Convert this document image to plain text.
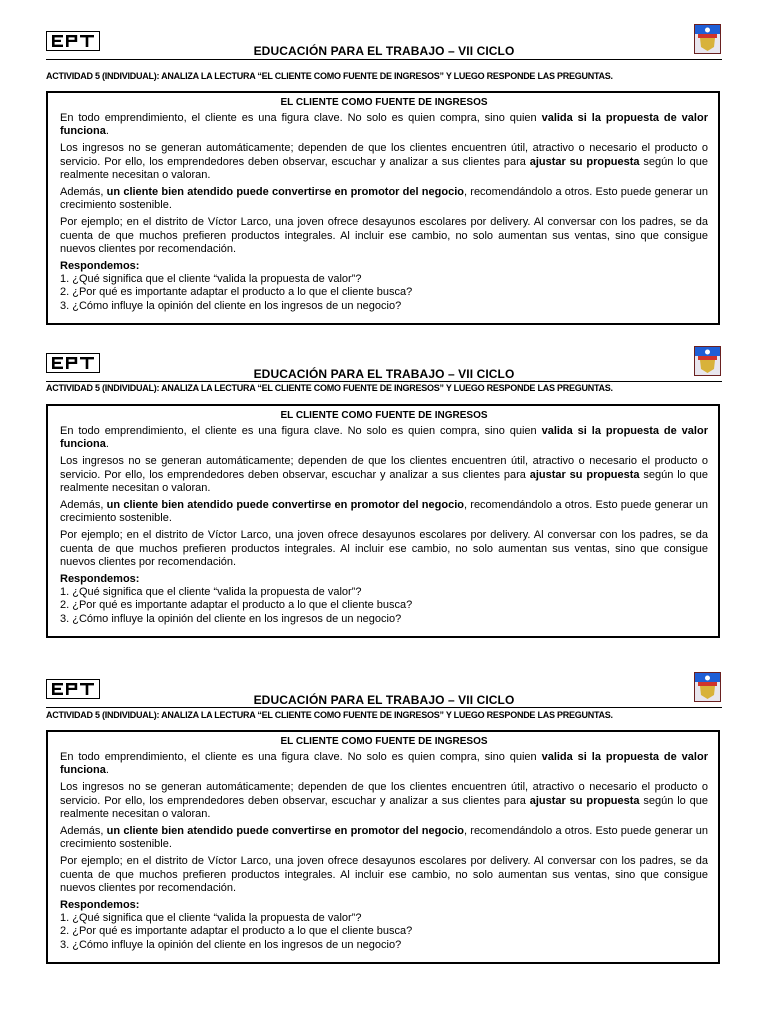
EDUCACIÓN PARA EL TRABAJO – VII CICLO
ACTIVIDAD 5 (INDIVIDUAL): ANALIZA LA LECTURA “EL CLIENTE COMO FUENTE DE INGRESOS” Y LUEGO RESPONDE LAS PREGUNTAS.
EL CLIENTE COMO FUENTE DE INGRESOS

En todo emprendimiento, el cliente es una figura clave. No solo es quien compra, sino quien valida si la propuesta de valor funciona.

Los ingresos no se generan automáticamente; dependen de que los clientes encuentren útil, atractivo o necesario el producto o servicio. Por ello, los emprendedores deben observar, escuchar y analizar a sus clientes para ajustar su propuesta según lo que realmente necesitan o valoran.

Además, un cliente bien atendido puede convertirse en promotor del negocio, recomendándolo a otros. Esto puede generar un crecimiento sostenible.

Por ejemplo; en el distrito de Víctor Larco, una joven ofrece desayunos escolares por delivery. Al conversar con los padres, se da cuenta de que muchos prefieren productos integrales. Al incluir ese cambio, no solo aumentan sus ventas, sino que consigue nuevos clientes por recomendación.

Respondemos:

1. ¿Qué significa que el cliente “valida la propuesta de valor”?

2. ¿Por qué es importante adaptar el producto a lo que el cliente busca?

3. ¿Cómo influye la opinión del cliente en los ingresos de un negocio?

EDUCACIÓN PARA EL TRABAJO – VII CICLO
ACTIVIDAD 5 (INDIVIDUAL): ANALIZA LA LECTURA “EL CLIENTE COMO FUENTE DE INGRESOS” Y LUEGO RESPONDE LAS PREGUNTAS.
EL CLIENTE COMO FUENTE DE INGRESOS

En todo emprendimiento, el cliente es una figura clave. No solo es quien compra, sino quien valida si la propuesta de valor funciona.

Los ingresos no se generan automáticamente; dependen de que los clientes encuentren útil, atractivo o necesario el producto o servicio. Por ello, los emprendedores deben observar, escuchar y analizar a sus clientes para ajustar su propuesta según lo que realmente necesitan o valoran.

Además, un cliente bien atendido puede convertirse en promotor del negocio, recomendándolo a otros. Esto puede generar un crecimiento sostenible.

Por ejemplo; en el distrito de Víctor Larco, una joven ofrece desayunos escolares por delivery. Al conversar con los padres, se da cuenta de que muchos prefieren productos integrales. Al incluir ese cambio, no solo aumentan sus ventas, sino que consigue nuevos clientes por recomendación.

Respondemos:

1. ¿Qué significa que el cliente “valida la propuesta de valor”?

2. ¿Por qué es importante adaptar el producto a lo que el cliente busca?

3. ¿Cómo influye la opinión del cliente en los ingresos de un negocio?

EDUCACIÓN PARA EL TRABAJO – VII CICLO
ACTIVIDAD 5 (INDIVIDUAL): ANALIZA LA LECTURA “EL CLIENTE COMO FUENTE DE INGRESOS” Y LUEGO RESPONDE LAS PREGUNTAS.
EL CLIENTE COMO FUENTE DE INGRESOS

En todo emprendimiento, el cliente es una figura clave. No solo es quien compra, sino quien valida si la propuesta de valor funciona.

Los ingresos no se generan automáticamente; dependen de que los clientes encuentren útil, atractivo o necesario el producto o servicio. Por ello, los emprendedores deben observar, escuchar y analizar a sus clientes para ajustar su propuesta según lo que realmente necesitan o valoran.

Además, un cliente bien atendido puede convertirse en promotor del negocio, recomendándolo a otros. Esto puede generar un crecimiento sostenible.

Por ejemplo; en el distrito de Víctor Larco, una joven ofrece desayunos escolares por delivery. Al conversar con los padres, se da cuenta de que muchos prefieren productos integrales. Al incluir ese cambio, no solo aumentan sus ventas, sino que consigue nuevos clientes por recomendación.

Respondemos:

1. ¿Qué significa que el cliente “valida la propuesta de valor”?

2. ¿Por qué es importante adaptar el producto a lo que el cliente busca?

3. ¿Cómo influye la opinión del cliente en los ingresos de un negocio?
